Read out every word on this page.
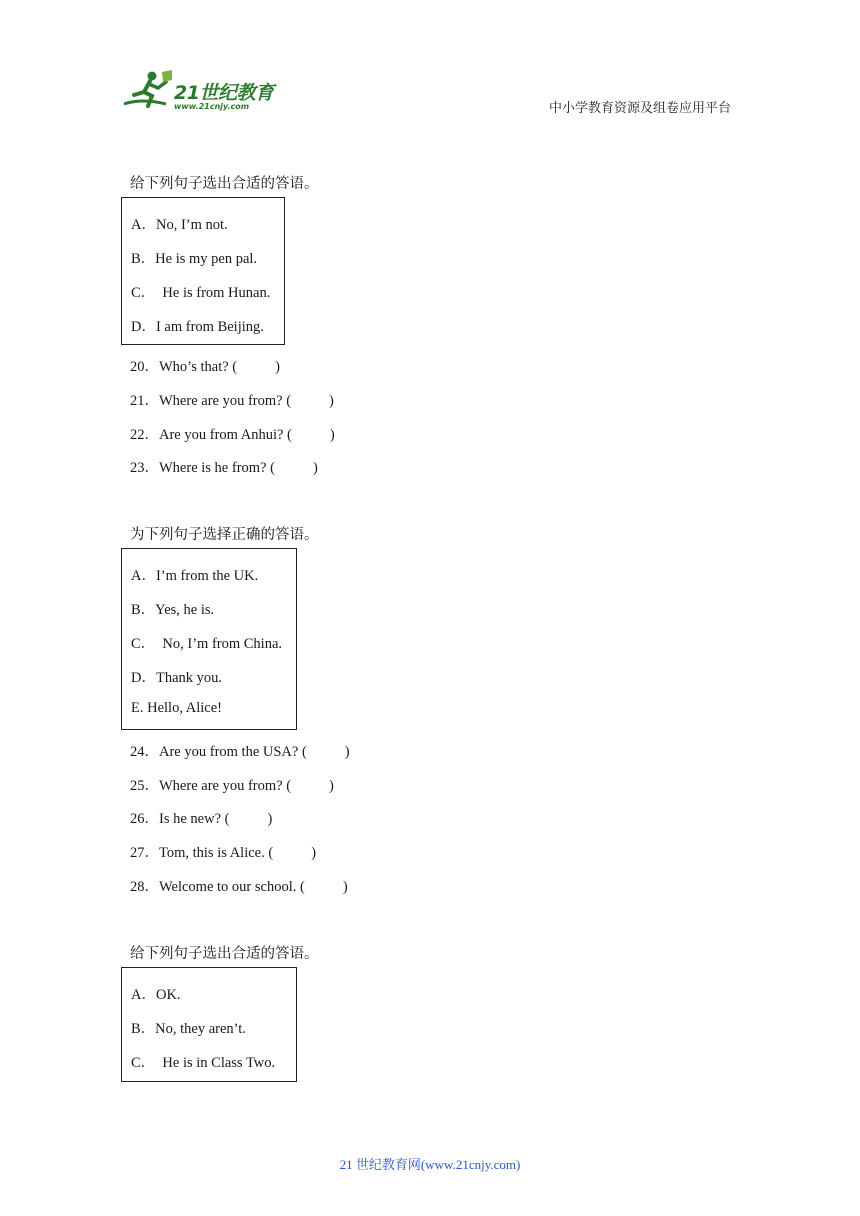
21世纪教育
www.21cnjy.com	中小学教育资源及组卷应用平台
给下列句子选出合适的答语。
A．No, I’m not.
B．He is my pen pal.
C．　He is from Hunan.
D．I am from Beijing.
20．Who’s that? (	)
21．Where are you from? (	)
22．Are you from Anhui? (	)
23．Where is he from? (	)
为下列句子选择正确的答语。
A．I’m from the UK.
B．Yes, he is.
C．　No, I’m from China.
D．Thank you.
E. Hello, Alice!
24．Are you from the USA? (	)
25．Where are you from? (	)
26．Is he new? (	)
27．Tom, this is Alice. (	)
28．Welcome to our school. (	)
给下列句子选出合适的答语。
A．OK.
B．No, they aren’t.
C．　He is in Class Two.
21 世纪教育网(www.21cnjy.com)
